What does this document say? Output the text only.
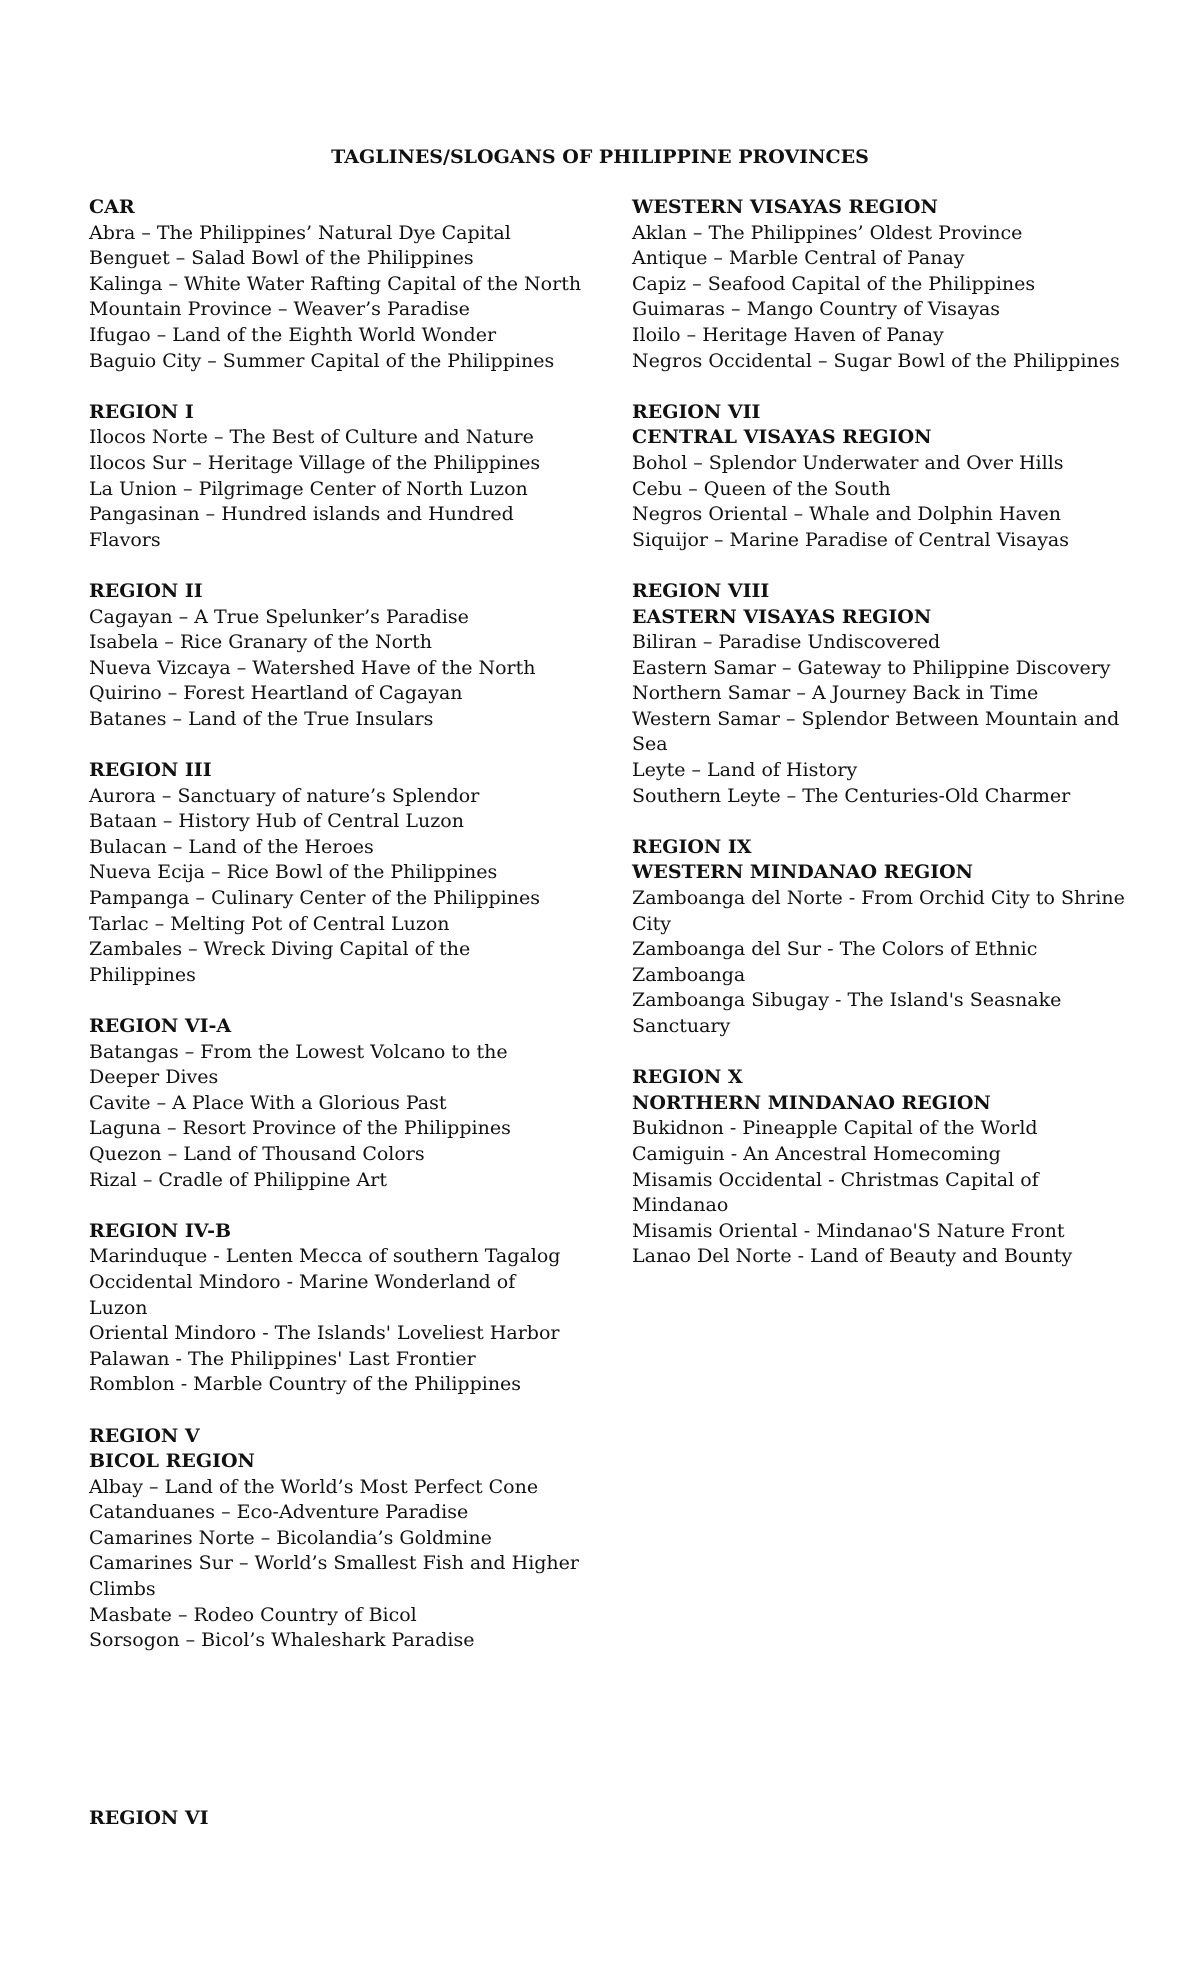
TAGLINES/SLOGANS OF PHILIPPINE PROVINCES
CAR
Abra – The Philippines’ Natural Dye Capital
Benguet – Salad Bowl of the Philippines
Kalinga – White Water Rafting Capital of the North
Mountain Province – Weaver’s Paradise
Ifugao – Land of the Eighth World Wonder
Baguio City – Summer Capital of the Philippines
REGION I
Ilocos Norte – The Best of Culture and Nature
Ilocos Sur – Heritage Village of the Philippines
La Union – Pilgrimage Center of North Luzon
Pangasinan – Hundred islands and Hundred
Flavors
REGION II
Cagayan – A True Spelunker’s Paradise
Isabela – Rice Granary of the North
Nueva Vizcaya – Watershed Have of the North
Quirino – Forest Heartland of Cagayan
Batanes – Land of the True Insulars
REGION III
Aurora – Sanctuary of nature’s Splendor
Bataan – History Hub of Central Luzon
Bulacan – Land of the Heroes
Nueva Ecija – Rice Bowl of the Philippines
Pampanga – Culinary Center of the Philippines
Tarlac – Melting Pot of Central Luzon
Zambales – Wreck Diving Capital of the
Philippines
REGION VI-A
Batangas – From the Lowest Volcano to the
Deeper Dives
Cavite – A Place With a Glorious Past
Laguna – Resort Province of the Philippines
Quezon – Land of Thousand Colors
Rizal – Cradle of Philippine Art
REGION IV-B
Marinduque - Lenten Mecca of southern Tagalog
Occidental Mindoro - Marine Wonderland of
Luzon
Oriental Mindoro - The Islands' Loveliest Harbor
Palawan - The Philippines' Last Frontier
Romblon - Marble Country of the Philippines
REGION V
BICOL REGION
Albay – Land of the World’s Most Perfect Cone
Catanduanes – Eco-Adventure Paradise
Camarines Norte – Bicolandia’s Goldmine
Camarines Sur – World’s Smallest Fish and Higher
Climbs
Masbate – Rodeo Country of Bicol
Sorsogon – Bicol’s Whaleshark Paradise
WESTERN VISAYAS REGION
Aklan – The Philippines’ Oldest Province
Antique – Marble Central of Panay
Capiz – Seafood Capital of the Philippines
Guimaras – Mango Country of Visayas
Iloilo – Heritage Haven of Panay
Negros Occidental – Sugar Bowl of the Philippines
REGION VII
CENTRAL VISAYAS REGION
Bohol – Splendor Underwater and Over Hills
Cebu – Queen of the South
Negros Oriental – Whale and Dolphin Haven
Siquijor – Marine Paradise of Central Visayas
REGION VIII
EASTERN VISAYAS REGION
Biliran – Paradise Undiscovered
Eastern Samar – Gateway to Philippine Discovery
Northern Samar – A Journey Back in Time
Western Samar – Splendor Between Mountain and
Sea
Leyte – Land of History
Southern Leyte – The Centuries-Old Charmer
REGION IX
WESTERN MINDANAO REGION
Zamboanga del Norte - From Orchid City to Shrine
City
Zamboanga del Sur - The Colors of Ethnic
Zamboanga
Zamboanga Sibugay - The Island's Seasnake
Sanctuary
REGION X
NORTHERN MINDANAO REGION
Bukidnon - Pineapple Capital of the World
Camiguin - An Ancestral Homecoming
Misamis Occidental - Christmas Capital of
Mindanao
Misamis Oriental - Mindanao'S Nature Front
Lanao Del Norte - Land of Beauty and Bounty
REGION VI
